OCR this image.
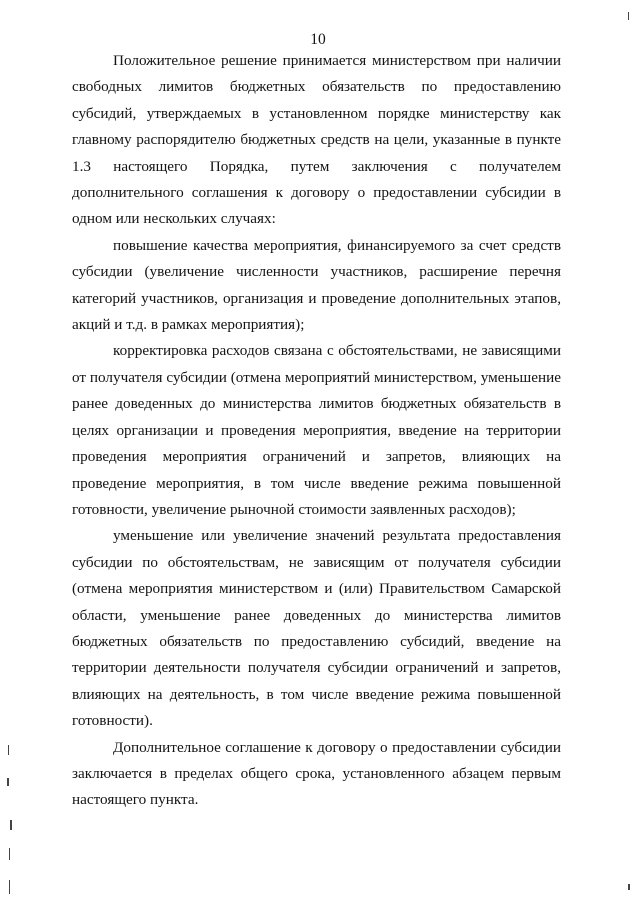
10

Положительное решение принимается министерством при наличии свободных лимитов бюджетных обязательств по предоставлению субсидий, утверждаемых в установленном порядке министерству как главному распорядителю бюджетных средств на цели, указанные в пункте 1.3 настоящего Порядка, путем заключения с получателем дополнительного соглашения к договору о предоставлении субсидии в одном или нескольких случаях:

повышение качества мероприятия, финансируемого за счет средств субсидии (увеличение численности участников, расширение перечня категорий участников, организация и проведение дополнительных этапов, акций и т.д. в рамках мероприятия);

корректировка расходов связана с обстоятельствами, не зависящими от получателя субсидии (отмена мероприятий министерством, уменьшение ранее доведенных до министерства лимитов бюджетных обязательств в целях организации и проведения мероприятия, введение на территории проведения мероприятия ограничений и запретов, влияющих на проведение мероприятия, в том числе введение режима повышенной готовности, увеличение рыночной стоимости заявленных расходов);

уменьшение или увеличение значений результата предоставления субсидии по обстоятельствам, не зависящим от получателя субсидии (отмена мероприятия министерством и (или) Правительством Самарской области, уменьшение ранее доведенных до министерства лимитов бюджетных обязательств по предоставлению субсидий, введение на территории деятельности получателя субсидии ограничений и запретов, влияющих на деятельность, в том числе введение режима повышенной готовности).

Дополнительное соглашение к договору о предоставлении субсидии заключается в пределах общего срока, установленного абзацем первым настоящего пункта.
